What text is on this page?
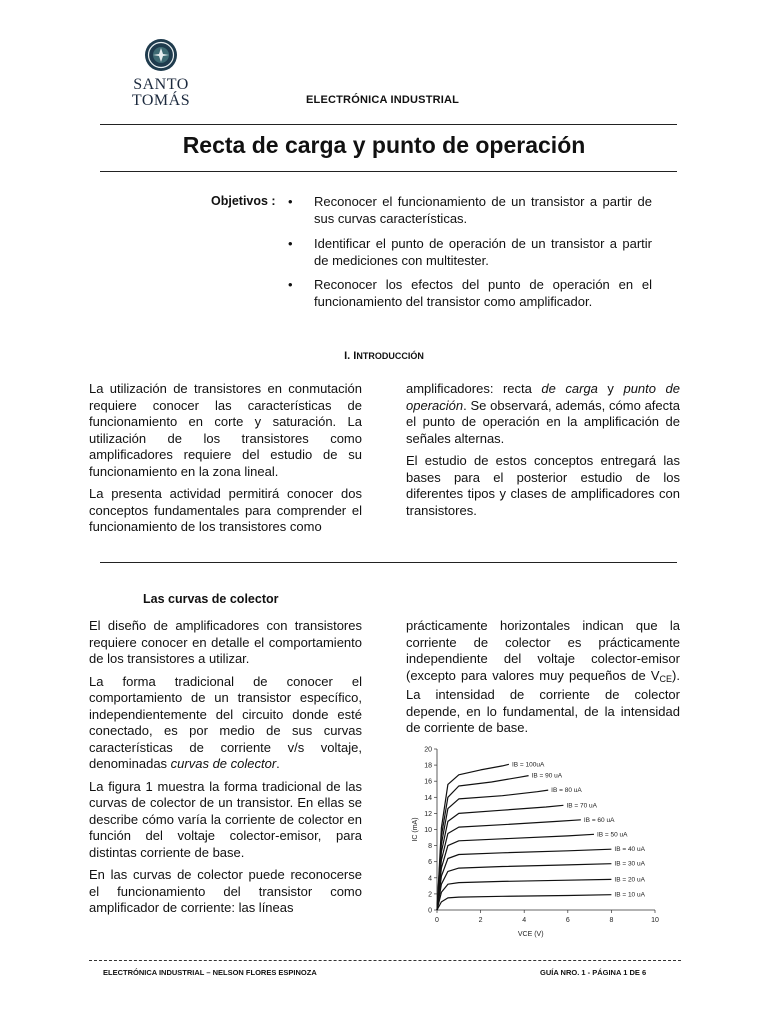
SANTO
TOMÁS	ELECTRÓNICA INDUSTRIAL
Recta de carga y punto de operación
Objetivos : • Reconocer el funcionamiento de un transistor a partir de sus curvas características.
• Identificar el punto de operación de un transistor a partir de mediciones con multitester.
• Reconocer los efectos del punto de operación en el funcionamiento del transistor como amplificador.
I. INTRODUCCIÓN

La utilización de transistores en conmutación requiere conocer las características de funcionamiento en corte y saturación. La utilización de los transistores como amplificadores requiere del estudio de su funcionamiento en la zona lineal.

La presenta actividad permitirá conocer dos conceptos fundamentales para comprender el funcionamiento de los transistores como

amplificadores: recta de carga y punto de operación. Se observará, además, cómo afecta el punto de operación en la amplificación de señales alternas.

El estudio de estos conceptos entregará las bases para el posterior estudio de los diferentes tipos y clases de amplificadores con transistores.

Las curvas de colector

El diseño de amplificadores con transistores requiere conocer en detalle el comportamiento de los transistores a utilizar.

La forma tradicional de conocer el comportamiento de un transistor específico, independientemente del circuito donde esté conectado, es por medio de sus curvas características de corriente v/s voltaje, denominadas curvas de colector.

La figura 1 muestra la forma tradicional de las curvas de colector de un transistor. En ellas se describe cómo varía la corriente de colector en función del voltaje colector-emisor, para distintas corriente de base.

En las curvas de colector puede reconocerse el funcionamiento del transistor como amplificador de corriente: las líneas

prácticamente horizontales indican que la corriente de colector es prácticamente independiente del voltaje colector-emisor (excepto para valores muy pequeños de $V_{CE}$). La intensidad de corriente de colector depende, en lo fundamental, de la intensidad de corriente de base.

0
2
4
6
8
10
12
14
16
18
20
0	2	4	6	8	10
VCE (V)
IC (mA)
IB = 10 uA
IB = 20 uA
IB = 30 uA
IB = 40 uA
IB = 50 uA
IB = 60 uA
IB = 70 uA
IB = 80 uA
IB = 90 uA
IB = 100uA
ELECTRÓNICA INDUSTRIAL – NELSON FLORES ESPINOZA	GUÍA NRO. 1 - PÁGINA 1 DE 6
